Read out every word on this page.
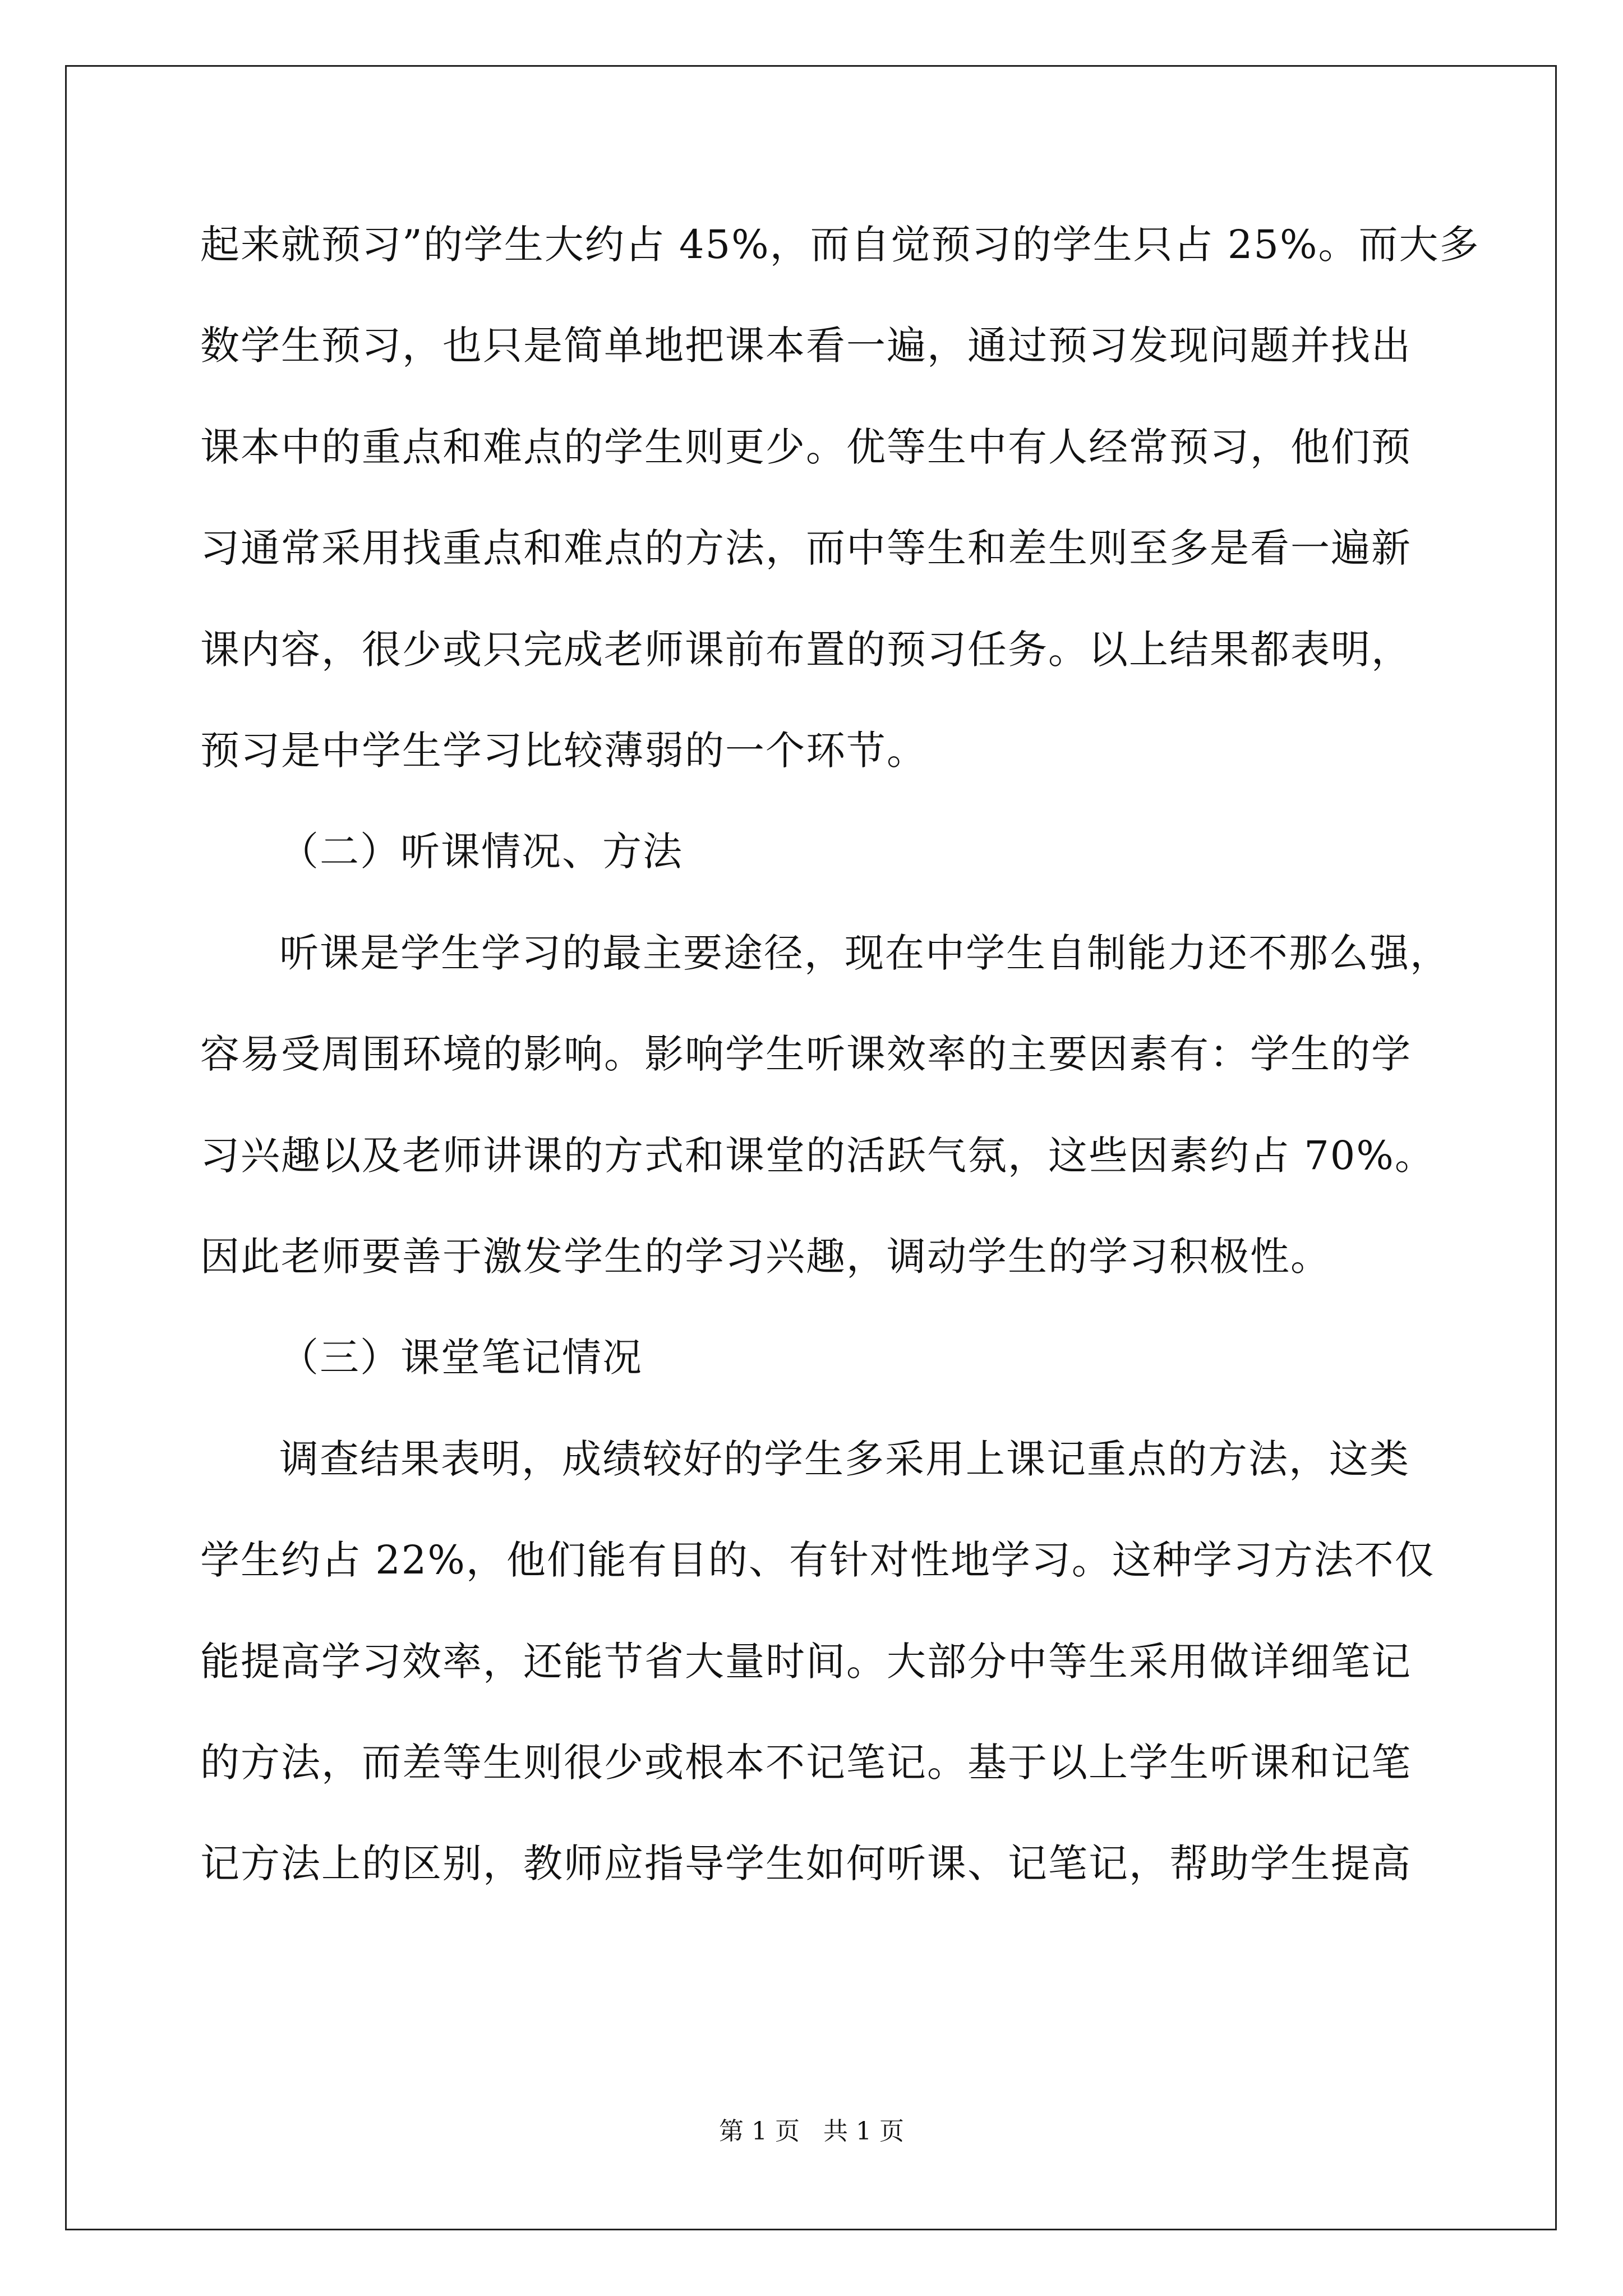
起来就预习”的学生大约占 45%，而自觉预习的学生只占 25%。而大多

数学生预习，也只是简单地把课本看一遍，通过预习发现问题并找出

课本中的重点和难点的学生则更少。优等生中有人经常预习，他们预

习通常采用找重点和难点的方法，而中等生和差生则至多是看一遍新

课内容，很少或只完成老师课前布置的预习任务。以上结果都表明，

预习是中学生学习比较薄弱的一个环节。

（二）听课情况、方法

听课是学生学习的最主要途径，现在中学生自制能力还不那么强，

容易受周围环境的影响。影响学生听课效率的主要因素有：学生的学

习兴趣以及老师讲课的方式和课堂的活跃气氛，这些因素约占 70%。

因此老师要善于激发学生的学习兴趣，调动学生的学习积极性。

（三）课堂笔记情况

调查结果表明，成绩较好的学生多采用上课记重点的方法，这类

学生约占 22%，他们能有目的、有针对性地学习。这种学习方法不仅

能提高学习效率，还能节省大量时间。大部分中等生采用做详细笔记

的方法，而差等生则很少或根本不记笔记。基于以上学生听课和记笔

记方法上的区别，教师应指导学生如何听课、记笔记，帮助学生提高

第 1 页   共 1 页
